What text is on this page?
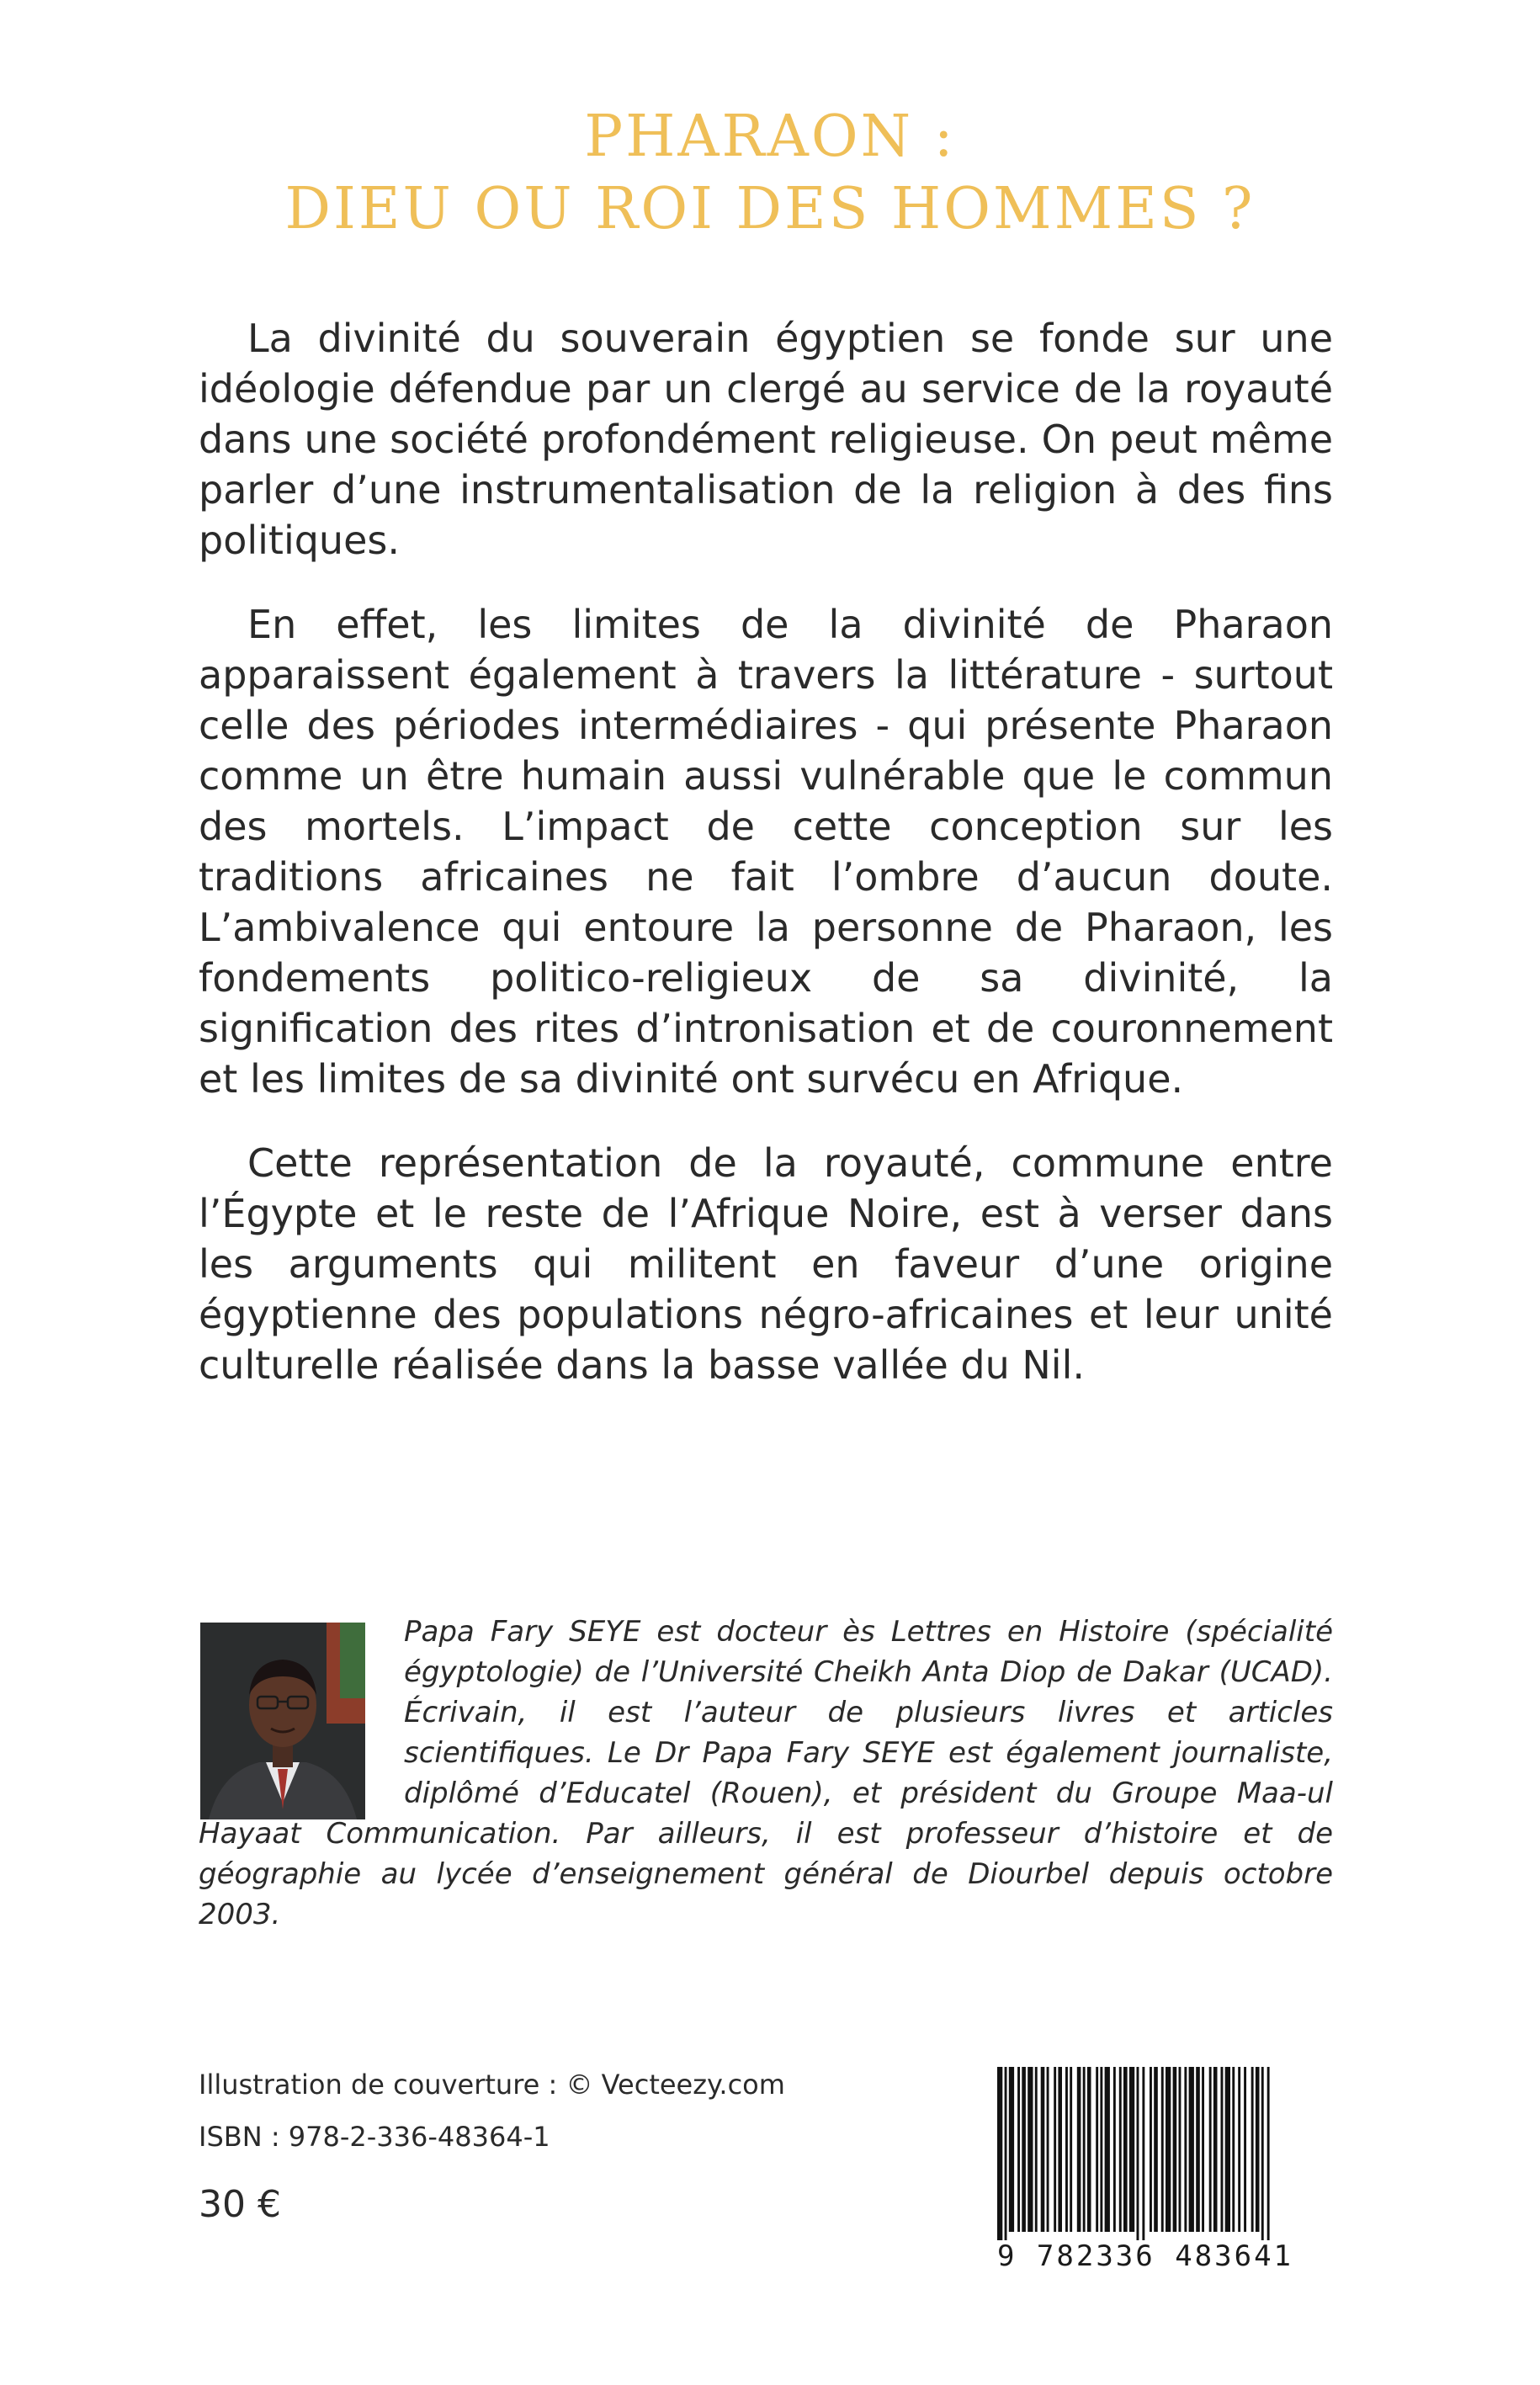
PHARAON :
DIEU OU ROI DES HOMMES ?

La divinité du souverain égyptien se fonde sur une idéologie défendue par un clergé au service de la royauté dans une société profondément religieuse. On peut même parler d’une instrumentalisation de la religion à des fins politiques.

En effet, les limites de la divinité de Pharaon apparaissent également à travers la littérature - surtout celle des périodes intermédiaires - qui présente Pharaon comme un être humain aussi vulnérable que le commun des mortels. L’impact de cette conception sur les traditions africaines ne fait l’ombre d’aucun doute. L’ambivalence qui entoure la personne de Pharaon, les fondements politico-religieux de sa divinité, la signification des rites d’intronisation et de couronnement et les limites de sa divinité ont survécu en Afrique.

Cette représentation de la royauté, commune entre l’Égypte et le reste de l’Afrique Noire, est à verser dans les arguments qui militent en faveur d’une origine égyptienne des populations négro-africaines et leur unité culturelle réalisée dans la basse vallée du Nil.

Papa Fary SEYE est docteur ès Lettres en Histoire (spécialité égyptologie) de l’Université Cheikh Anta Diop de Dakar (UCAD). Écrivain, il est l’auteur de plusieurs livres et articles scientifiques. Le Dr Papa Fary SEYE est également journaliste, diplômé d’Educatel (Rouen), et président du Groupe Maa-ul Hayaat Communication. Par ailleurs, il est professeur d’histoire et de géographie au lycée d’enseignement général de Diourbel depuis octobre 2003.
Illustration de couverture : © Vecteezy.com
ISBN : 978-2-336-48364-1
30 €
9 782336 483641
